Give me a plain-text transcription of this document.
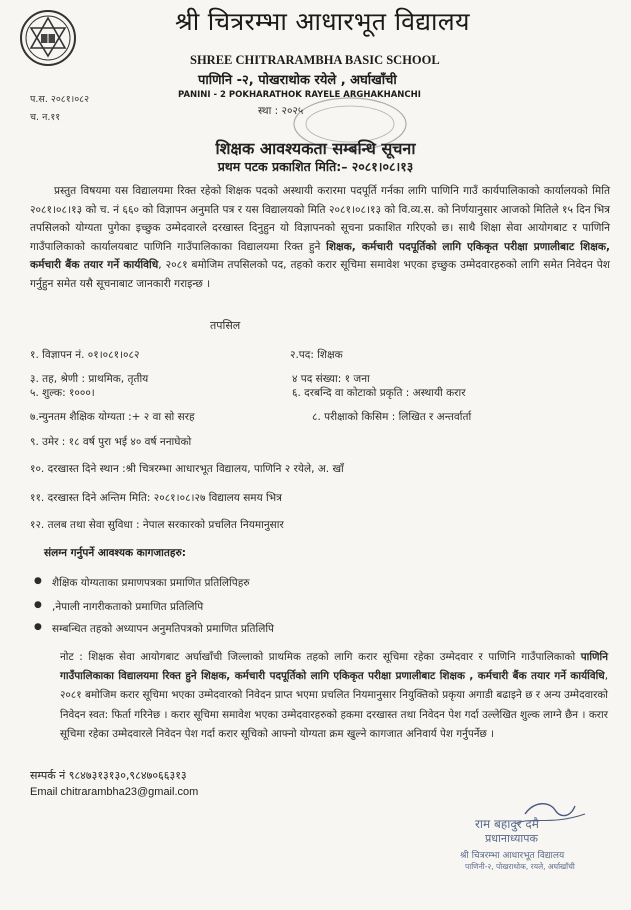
श्री चित्ररम्भा आधारभूत विद्यालय
SHREE CHITRARAMBHA BASIC SCHOOL
पाणिनि -२, पोखराथोक रयेले , अर्घाखाँची
PANINI - 2 POKHARATHOK RAYELE ARGHAKHANCHI
स्था : २०२५
प.स. २०८१।०८२
च. न.११
शिक्षक आवश्यकता सम्बन्धि सूचना
प्रथम पटक प्रकाशित मिति:– २०८१।०८।१३
प्रस्तुत विषयमा यस विद्यालयमा रिक्त रहेको शिक्षक पदको अस्थायी करारमा पदपूर्ति गर्नका लागि पाणिनि गाउँ कार्यपालिकाको कार्यालयको मिति २०८१।०८।१३ को च. नं ६६० को विज्ञापन अनुमति पत्र र यस विद्यालयको मिति २०८१।०८।१३ को वि.व्य.स. को निर्णयानुसार आजको मितिले १५ दिन भित्र तपसिलको योग्यता पुगेका इच्छुक उम्मेदवारले दरखास्त दिनुहुन यो विज्ञापनको सूचना प्रकाशित गरिएको छ। साथै शिक्षा सेवा आयोगबाट र पाणिनि गाउँपालिकाको कार्यालयबाट पाणिनि गाउँपालिकाका विद्यालयमा रिक्त हुने शिक्षक, कर्मचारी पदपूर्तिको लागि एकिकृत परीक्षा प्रणालीबाट शिक्षक, कर्मचारी बैंक तयार गर्ने कार्यविधि, २०८१ बमोजिम तपसिलको पद, तहको करार सूचिमा समावेश भएका इच्छुक उम्मेदवारहरुको लागि समेत निवेदन पेश गर्नुहुन समेत यसै सूचनाबाट जानकारी गराइन्छ ।
तपसिल
१. विज्ञापन नं. ०१।०८१।०८२	२.पद: शिक्षक
३. तह, श्रेणी : प्राथमिक, तृतीय	४ पद संख्या: १ जना
५. शुल्क: १०००।	६. दरबन्दि वा कोटाको प्रकृति : अस्थायी करार
७.न्युनतम शैक्षिक योग्यता :+ २ वा सो सरह	८. परीक्षाको किसिम : लिखित र अन्तर्वार्ता
९. उमेर : १८ वर्ष पुरा भई ४० वर्ष ननाघेको
१०. दरखास्त दिने स्थान :श्री चित्ररम्भा आधारभूत विद्यालय, पाणिनि २ रयेले, अ. खाँ
११. दरखास्त दिने अन्तिम मिति: २०८१।०८।२७ विद्यालय समय भित्र
१२. तलब तथा सेवा सुविधा : नेपाल सरकारको प्रचलित नियमानुसार
संलग्न गर्नुपर्ने आवश्यक कागजातहरु:
● शैक्षिक योग्यताका प्रमाणपत्रका प्रमाणित प्रतिलिपिहरु
● ,नेपाली नागरीकताको प्रमाणित प्रतिलिपि
● सम्बन्धित तहको अध्यापन अनुमतिपत्रको प्रमाणित प्रतिलिपि
नोट : शिक्षक सेवा आयोगबाट अर्घाखाँची जिल्लाको प्राथमिक तहको लागि करार सूचिमा रहेका उम्मेदवार र पाणिनि गाउँपालिकाको पाणिनि गाउँपालिकाका विद्यालयमा रिक्त हुने शिक्षक, कर्मचारी पदपूर्तिको लागि एकिकृत परीक्षा प्रणालीबाट शिक्षक , कर्मचारी बैंक तयार गर्ने कार्यविधि, २०८१ बमोजिम करार सूचिमा भएका उम्मेदवारको निवेदन प्राप्त भएमा प्रचलित नियमानुसार नियुक्तिको प्रकृया अगाडी बढाइने छ र अन्य उम्मेदवारको निवेदन स्वत: फिर्ता गरिनेछ । करार सूचिमा समावेश भएका उम्मेदवारहरुको हकमा दरखास्त तथा निवेदन पेश गर्दा उल्लेखित शुल्क लाग्ने छैन । करार सूचिमा रहेका उम्मेदवारले निवेदन पेश गर्दा करार सूचिको आफ्नो योग्यता क्रम खुल्ने कागजात अनिवार्य पेश गर्नुपर्नेछ ।
सम्पर्क नं ९८४७३१३१३०,९८४७०६६३१३
Email chitrarambha23@gmail.com
राम बहादुर दमै
प्रधानाध्यापक
श्री चित्ररम्भा आधारभूत विद्यालय
पाणिनी-२, पोखराथोक, रयले, अर्घाखाँची
